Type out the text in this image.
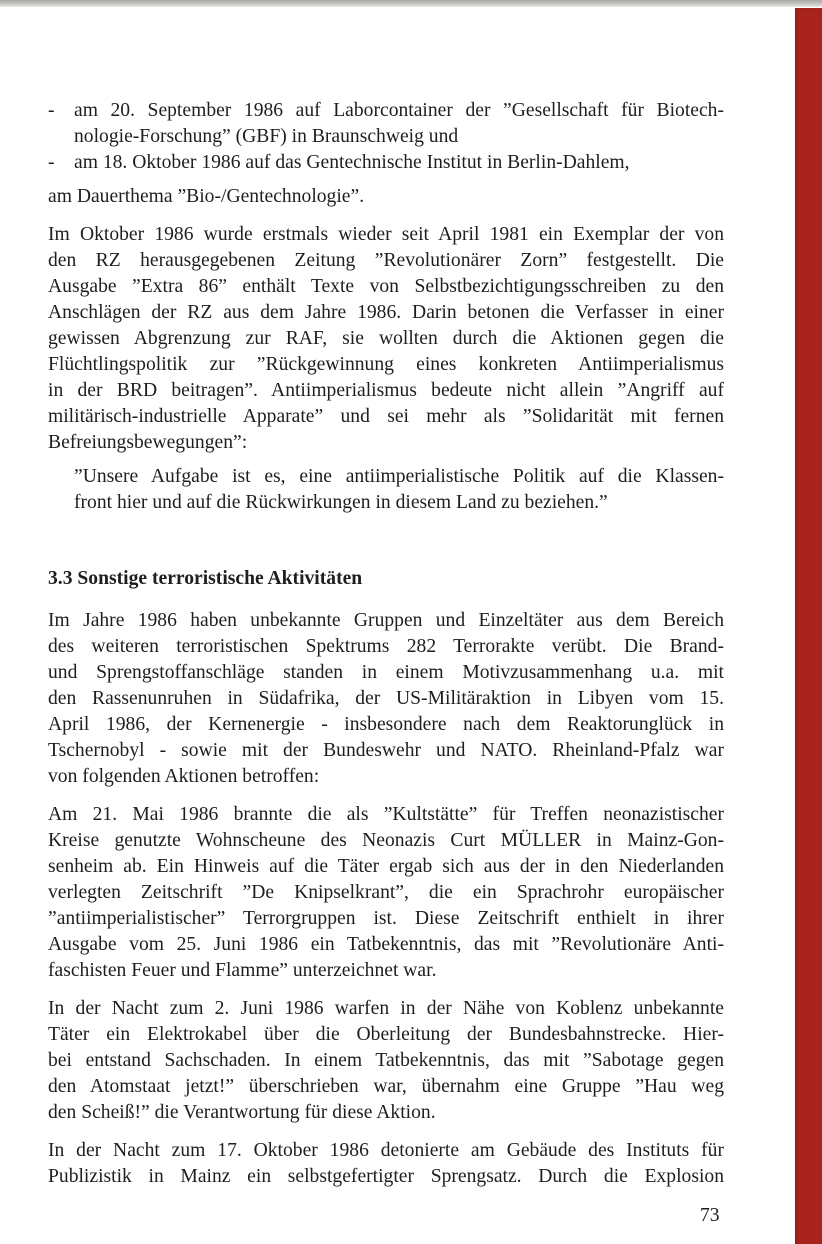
- am 20. September 1986 auf Laborcontainer der ”Gesellschaft für Biotech-
nologie-Forschung” (GBF) in Braunschweig und
- am 18. Oktober 1986 auf das Gentechnische Institut in Berlin-Dahlem,

am Dauerthema ”Bio-/Gentechnologie”.

Im Oktober 1986 wurde erstmals wieder seit April 1981 ein Exemplar der von
den RZ herausgegebenen Zeitung ”Revolutionärer Zorn” festgestellt. Die
Ausgabe ”Extra 86” enthält Texte von Selbstbezichtigungsschreiben zu den
Anschlägen der RZ aus dem Jahre 1986. Darin betonen die Verfasser in einer
gewissen Abgrenzung zur RAF, sie wollten durch die Aktionen gegen die
Flüchtlingspolitik zur ”Rückgewinnung eines konkreten Antiimperialismus
in der BRD beitragen”. Antiimperialismus bedeute nicht allein ”Angriff auf
militärisch-industrielle Apparate” und sei mehr als ”Solidarität mit fernen
Befreiungsbewegungen”:
”Unsere Aufgabe ist es, eine antiimperialistische Politik auf die Klassen-
front hier und auf die Rückwirkungen in diesem Land zu beziehen.”
3.3 Sonstige terroristische Aktivitäten
Im Jahre 1986 haben unbekannte Gruppen und Einzeltäter aus dem Bereich
des weiteren terroristischen Spektrums 282 Terrorakte verübt. Die Brand-
und Sprengstoffanschläge standen in einem Motivzusammenhang u.a. mit
den Rassenunruhen in Südafrika, der US-Militäraktion in Libyen vom 15.
April 1986, der Kernenergie - insbesondere nach dem Reaktorunglück in
Tschernobyl - sowie mit der Bundeswehr und NATO. Rheinland-Pfalz war
von folgenden Aktionen betroffen:
Am 21. Mai 1986 brannte die als ”Kultstätte” für Treffen neonazistischer
Kreise genutzte Wohnscheune des Neonazis Curt MÜLLER in Mainz-Gon-
senheim ab. Ein Hinweis auf die Täter ergab sich aus der in den Niederlanden
verlegten Zeitschrift ”De Knipselkrant”, die ein Sprachrohr europäischer
”antiimperialistischer” Terrorgruppen ist. Diese Zeitschrift enthielt in ihrer
Ausgabe vom 25. Juni 1986 ein Tatbekenntnis, das mit ”Revolutionäre Anti-
faschisten Feuer und Flamme” unterzeichnet war.
In der Nacht zum 2. Juni 1986 warfen in der Nähe von Koblenz unbekannte
Täter ein Elektrokabel über die Oberleitung der Bundesbahnstrecke. Hier-
bei entstand Sachschaden. In einem Tatbekenntnis, das mit ”Sabotage gegen
den Atomstaat jetzt!” überschrieben war, übernahm eine Gruppe ”Hau weg
den Scheiß!” die Verantwortung für diese Aktion.
In der Nacht zum 17. Oktober 1986 detonierte am Gebäude des Instituts für
Publizistik in Mainz ein selbstgefertigter Sprengsatz. Durch die Explosion
73
